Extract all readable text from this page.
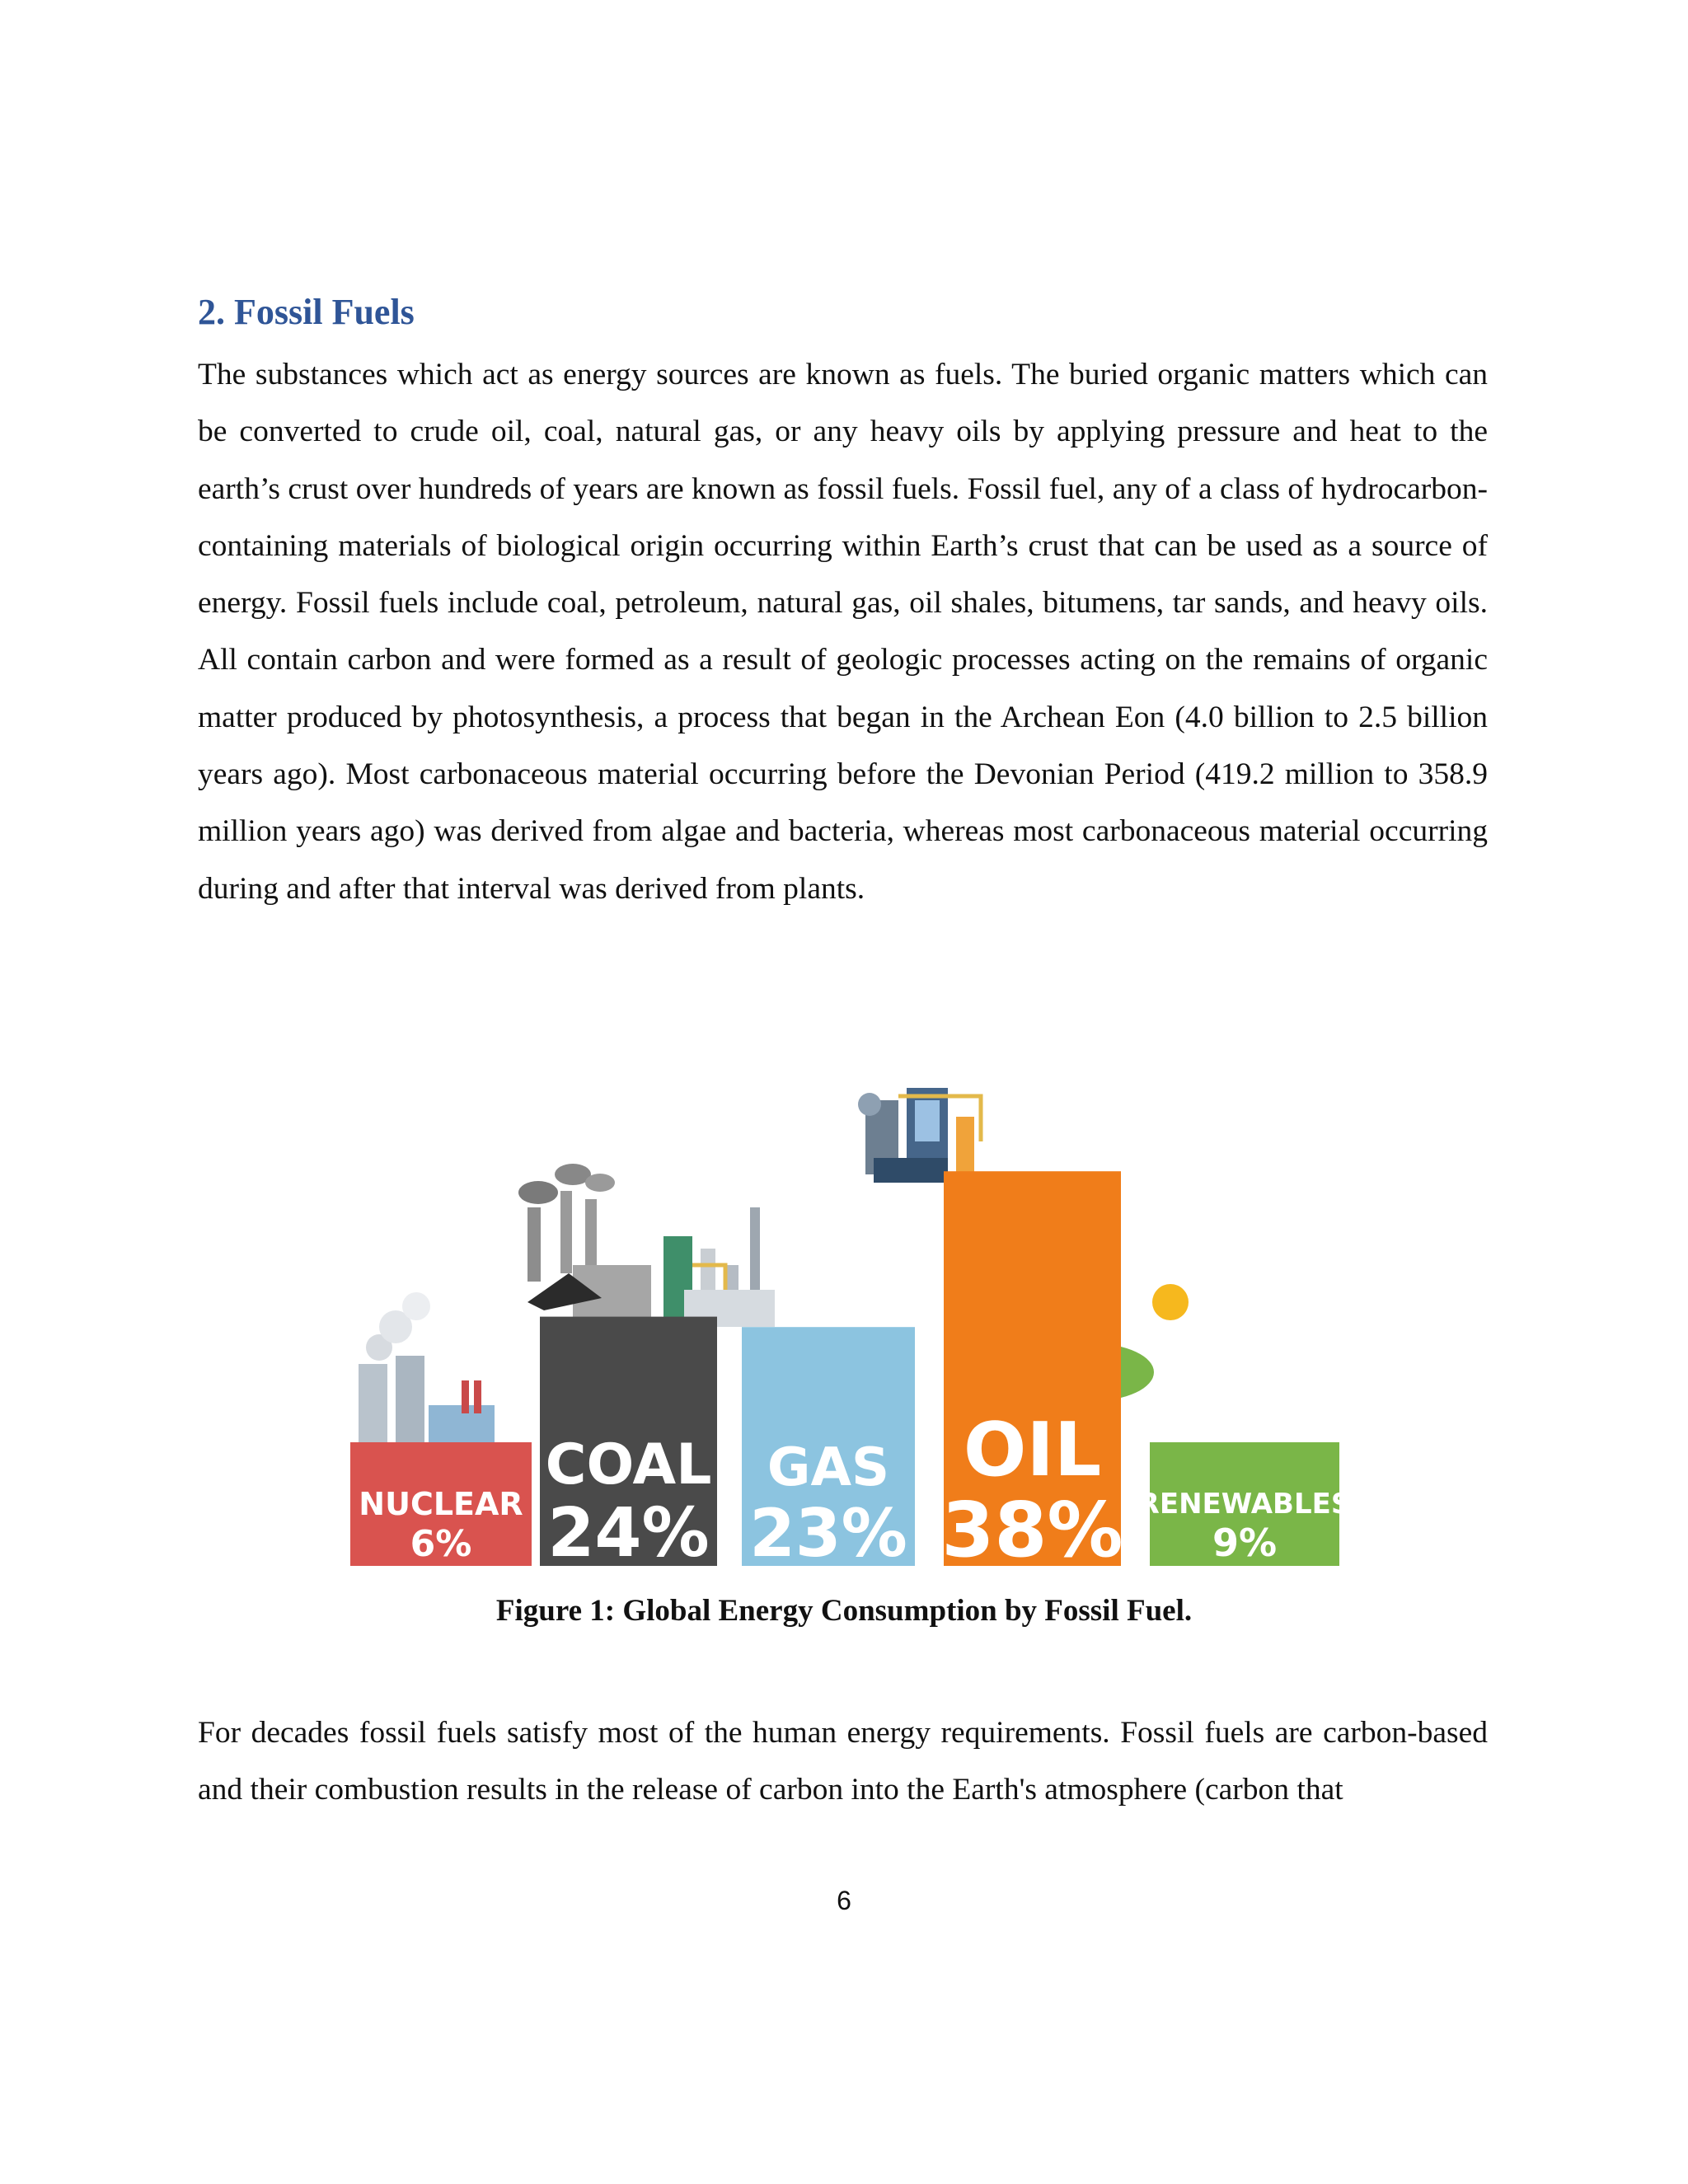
2. Fossil Fuels

The substances which act as energy sources are known as fuels. The buried organic matters which can be converted to crude oil, coal, natural gas, or any heavy oils by applying pressure and heat to the earth’s crust over hundreds of years are known as fossil fuels. Fossil fuel, any of a class of hydrocarbon-containing materials of biological origin occurring within Earth’s crust that can be used as a source of energy. Fossil fuels include coal, petroleum, natural gas, oil shales, bitumens, tar sands, and heavy oils. All contain carbon and were formed as a result of geologic processes acting on the remains of organic matter produced by photosynthesis, a process that began in the Archean Eon (4.0 billion to 2.5 billion years ago). Most carbonaceous material occurring before the Devonian Period (419.2 million to 358.9 million years ago) was derived from algae and bacteria, whereas most carbonaceous material occurring during and after that interval was derived from plants.

NUCLEAR
6%
COAL
24%
GAS
23%
OIL
38% RENEWABLES
9%

Figure 1: Global Energy Consumption by Fossil Fuel.

For decades fossil fuels satisfy most of the human energy requirements. Fossil fuels are carbon-based and their combustion results in the release of carbon into the Earth's atmosphere (carbon that

6
